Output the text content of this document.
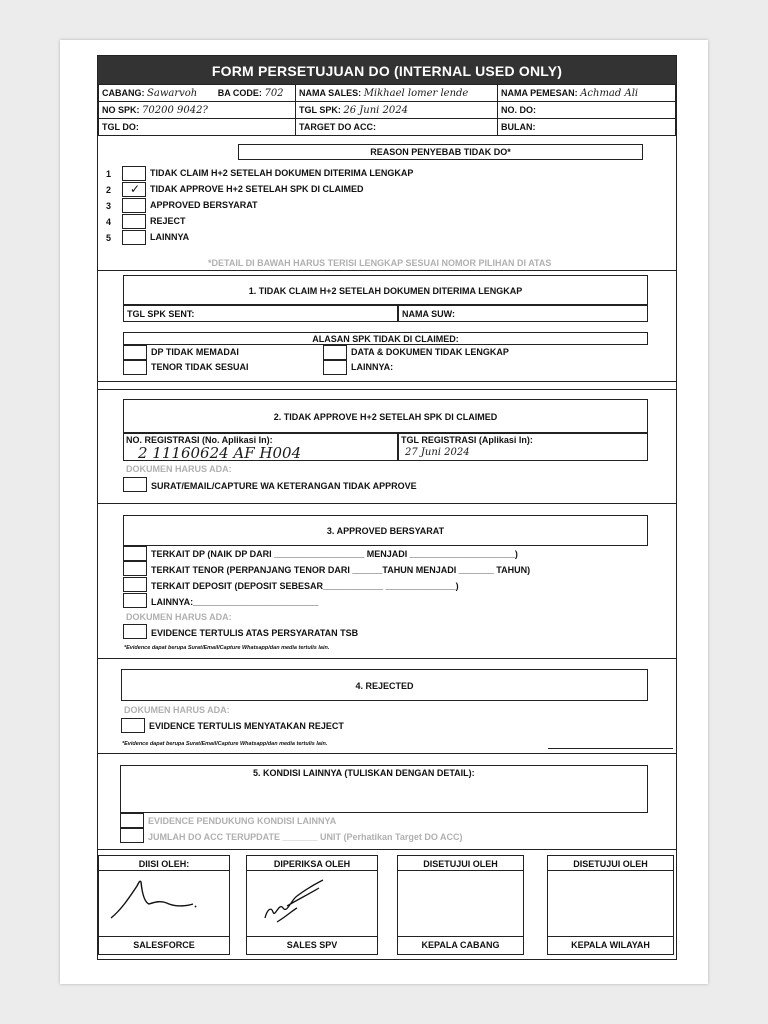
FORM PERSETUJUAN DO (INTERNAL USED ONLY)
CABANG: Sawarvoh BA CODE: 702	NAMA SALES: Mikhael lomer lende	NAMA PEMESAN: Achmad Ali
NO SPK: 70200 9042?	TGL SPK: 26 Juni 2024	NO. DO:
TGL DO:	TARGET DO ACC:	BULAN:
REASON PENYEBAB TIDAK DO*
1	TIDAK CLAIM H+2 SETELAH DOKUMEN DITERIMA LENGKAP
2	✓	TIDAK APPROVE H+2 SETELAH SPK DI CLAIMED
3	APPROVED BERSYARAT
4	REJECT
5	LAINNYA
*DETAIL DI BAWAH HARUS TERISI LENGKAP SESUAI NOMOR PILIHAN DI ATAS
1. TIDAK CLAIM H+2 SETELAH DOKUMEN DITERIMA LENGKAP
TGL SPK SENT:	NAMA SUW:
ALASAN SPK TIDAK DI CLAIMED:
DP TIDAK MEMADAI
TENOR TIDAK SESUAI
DATA & DOKUMEN TIDAK LENGKAP
LAINNYA:
2. TIDAK APPROVE H+2 SETELAH SPK DI CLAIMED
NO. REGISTRASI (No. Aplikasi In):
2 11160624 AF H004
TGL REGISTRASI (Aplikasi In):
27 Juni 2024
DOKUMEN HARUS ADA:
SURAT/EMAIL/CAPTURE WA KETERANGAN TIDAK APPROVE
3. APPROVED BERSYARAT
TERKAIT DP (NAIK DP DARI __________________ MENJADI _____________________)
TERKAIT TENOR (PERPANJANG TENOR DARI ______TAHUN MENJADI _______ TAHUN)
TERKAIT DEPOSIT (DEPOSIT SEBESAR____________ ______________)
LAINNYA:_________________________
DOKUMEN HARUS ADA:
EVIDENCE TERTULIS ATAS PERSYARATAN TSB
*Evidence dapat berupa Surat/Email/Capture Whatsapp/dan media tertulis lain.
4. REJECTED
DOKUMEN HARUS ADA:
EVIDENCE TERTULIS MENYATAKAN REJECT
*Evidence dapat berupa Surat/Email/Capture Whatsapp/dan media tertulis lain.
5. KONDISI LAINNYA (TULISKAN DENGAN DETAIL):
EVIDENCE PENDUKUNG KONDISI LAINNYA
JUMLAH DO ACC TERUPDATE _______ UNIT (Perhatikan Target DO ACC)
DIISI OLEH:
SALESFORCE
DIPERIKSA OLEH
SALES SPV
DISETUJUI OLEH
KEPALA CABANG
DISETUJUI OLEH
KEPALA WILAYAH
